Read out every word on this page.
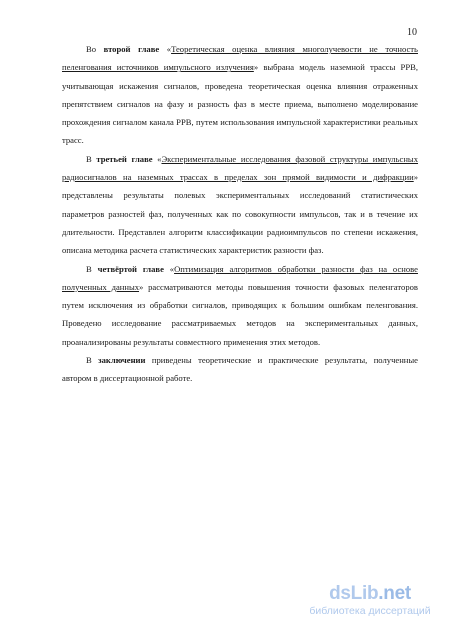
10

Во второй главе «Теоретическая оценка влияния многолучевости не точность пеленгования источников импульсного излучения» выбрана модель наземной трассы РРВ, учитывающая искажения сигналов, проведена теоретическая оценка влияния отраженных препятствием сигналов на фазу и разность фаз в месте приема, выполнено моделирование прохождения сигналом канала РРВ, путем использования импульсной характеристики реальных трасс.

В третьей главе «Экспериментальные исследования фазовой структуры импульсных радиосигналов на наземных трассах в пределах зон прямой видимости и дифракции» представлены результаты полевых экспериментальных исследований статистических параметров разностей фаз, полученных как по совокупности импульсов, так и в течение их длительности. Представлен алгоритм классификации радиоимпульсов по степени искажения, описана методика расчета статистических характеристик разности фаз.

В четвёртой главе «Оптимизация алгоритмов обработки разности фаз на основе полученных данных» рассматриваются методы повышения точности фазовых пеленгаторов путем исключения из обработки сигналов, приводящих к большим ошибкам пеленгования. Проведено исследование рассматриваемых методов на экспериментальных данных, проанализированы результаты совместного применения этих методов.

В заключении приведены теоретические и практические результаты, полученные автором в диссертационной работе.

dsLib.net
библиотека диссертаций
